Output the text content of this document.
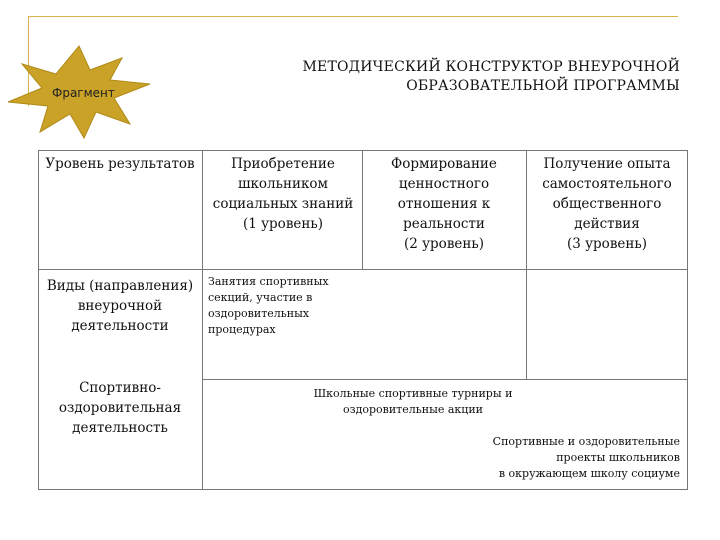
Фрагмент
МЕТОДИЧЕСКИЙ КОНСТРУКТОР ВНЕУРОЧНОЙ
ОБРАЗОВАТЕЛЬНОЙ ПРОГРАММЫ
Уровень результатов	Приобретение школьником социальных знаний
(1 уровень)
Формирование ценностного отношения к реальности
(2 уровень)
Получение опыта самостоятельного общественного действия
(3 уровень)
Виды (направления) внеурочной деятельности
Занятия спортивных секций, участие в оздоровительных процедурах
Спортивно-оздоровительная деятельность
Школьные спортивные турниры и оздоровительные акции
Спортивные и оздоровительные
проекты школьников
в окружающем школу социуме
